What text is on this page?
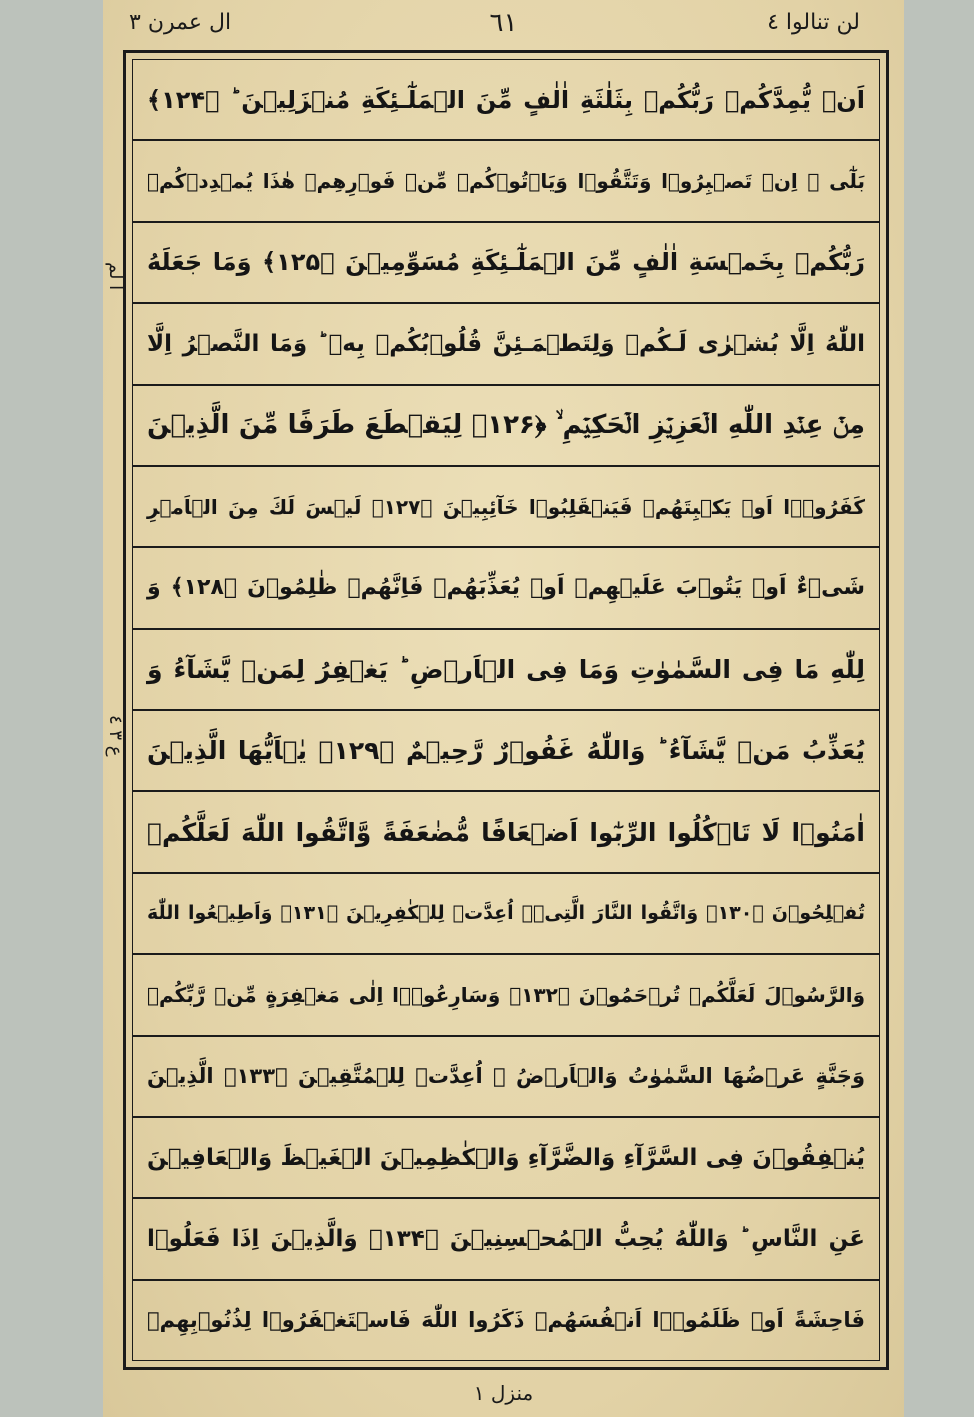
لن تنالوا ٤
٦١
ال عمرن ٣
ا لم
ع ٣ ٤
اَنۡ يُّمِدَّكُمۡ رَبُّكُمۡ بِثَلٰثَةِ اٰلٰفٍ مِّنَ الۡمَلٰٓـئِكَةِ مُنۡزَلِيۡنَ ؕ ﴿۱۲۴﴾
بَلٰٓى ۙ اِنۡ تَصۡبِرُوۡا وَتَتَّقُوۡا وَيَاۡتُوۡكُمۡ مِّنۡ فَوۡرِهِمۡ هٰذَا يُمۡدِدۡكُمۡ
رَبُّكُمۡ بِخَمۡسَةِ اٰلٰفٍ مِّنَ الۡمَلٰٓـئِكَةِ مُسَوِّمِيۡنَ ﴿۱۲۵﴾ وَمَا جَعَلَهُ
اللّٰهُ اِلَّا بُشۡرٰى لَـكُمۡ وَلِتَطۡمَـئِنَّ قُلُوۡبُكُمۡ بِهٖ ؕ وَمَا النَّصۡرُ اِلَّا
مِنۡ عِنۡدِ اللّٰهِ الۡعَزِيۡزِ الۡحَكِيۡمِ ۙ ﴿۱۲۶﴾ لِيَقۡطَعَ طَرَفًا مِّنَ الَّذِيۡنَ
كَفَرُوۡۤا اَوۡ يَكۡبِتَهُمۡ فَيَنۡقَلِبُوۡا خَآئِبِيۡنَ ﴿۱۲۷﴾ لَيۡسَ لَكَ مِنَ الۡاَمۡرِ
شَىۡءٌ اَوۡ يَتُوۡبَ عَلَيۡهِمۡ اَوۡ يُعَذِّبَهُمۡ فَاِنَّهُمۡ ظٰلِمُوۡنَ ﴿۱۲۸﴾ وَ
لِلّٰهِ مَا فِى السَّمٰوٰتِ وَمَا فِى الۡاَرۡضِ ؕ يَغۡفِرُ لِمَنۡ يَّشَآءُ وَ
يُعَذِّبُ مَنۡ يَّشَآءُ ؕ وَاللّٰهُ غَفُوۡرٌ رَّحِيۡمٌ ﴿۱۲۹﴾ يٰۤاَيُّهَا الَّذِيۡنَ
اٰمَنُوۡا لَا تَاۡكُلُوا الرِّبٰٓوا اَضۡعَافًا مُّضٰعَفَةً وَّاتَّقُوا اللّٰهَ لَعَلَّكُمۡ
تُفۡلِحُوۡنَ ﴿۱۳۰﴾ وَاتَّقُوا النَّارَ الَّتِىۡۤ اُعِدَّتۡ لِلۡكٰفِرِيۡنَ ﴿۱۳۱﴾ وَاَطِيۡعُوا اللّٰهَ
وَالرَّسُوۡلَ لَعَلَّكُمۡ تُرۡحَمُوۡنَ ﴿۱۳۲﴾ وَسَارِعُوۡۤا اِلٰى مَغۡفِرَةٍ مِّنۡ رَّبِّكُمۡ
وَجَنَّةٍ عَرۡضُهَا السَّمٰوٰتُ وَالۡاَرۡضُ ۙ اُعِدَّتۡ لِلۡمُتَّقِيۡنَ ﴿۱۳۳﴾ الَّذِيۡنَ
يُنۡفِقُوۡنَ فِى السَّرَّآءِ وَالضَّرَّآءِ وَالۡكٰظِمِيۡنَ الۡغَيۡظَ وَالۡعَافِيۡنَ
عَنِ النَّاسِ ؕ وَاللّٰهُ يُحِبُّ الۡمُحۡسِنِيۡنَ ﴿۱۳۴﴾ وَالَّذِيۡنَ اِذَا فَعَلُوۡا
فَاحِشَةً اَوۡ ظَلَمُوۡۤا اَنۡفُسَهُمۡ ذَكَرُوا اللّٰهَ فَاسۡتَغۡفَرُوۡا لِذُنُوۡبِهِمۡ
منزل ١
